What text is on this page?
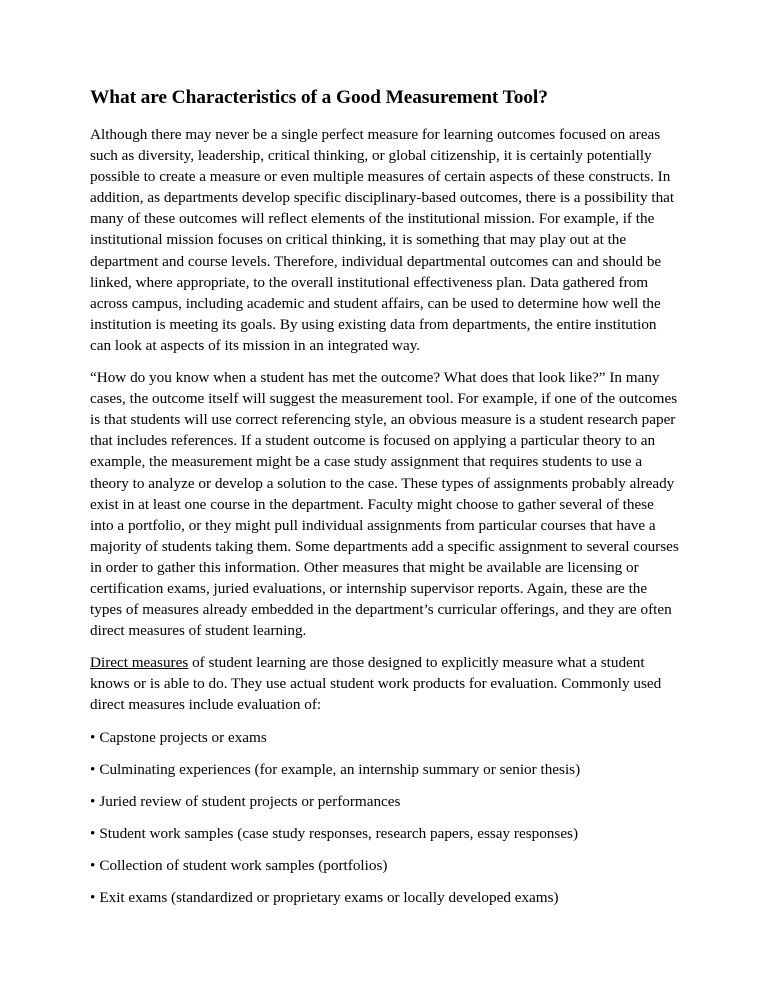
What are Characteristics of a Good Measurement Tool?

Although there may never be a single perfect measure for learning outcomes focused on areas such as diversity, leadership, critical thinking, or global citizenship, it is certainly potentially possible to create a measure or even multiple measures of certain aspects of these constructs. In addition, as departments develop specific disciplinary-based outcomes, there is a possibility that many of these outcomes will reflect elements of the institutional mission. For example, if the institutional mission focuses on critical thinking, it is something that may play out at the department and course levels. Therefore, individual departmental outcomes can and should be linked, where appropriate, to the overall institutional effectiveness plan. Data gathered from across campus, including academic and student affairs, can be used to determine how well the institution is meeting its goals. By using existing data from departments, the entire institution can look at aspects of its mission in an integrated way.

“How do you know when a student has met the outcome? What does that look like?” In many cases, the outcome itself will suggest the measurement tool. For example, if one of the outcomes is that students will use correct referencing style, an obvious measure is a student research paper that includes references. If a student outcome is focused on applying a particular theory to an example, the measurement might be a case study assignment that requires students to use a theory to analyze or develop a solution to the case. These types of assignments probably already exist in at least one course in the department. Faculty might choose to gather several of these into a portfolio, or they might pull individual assignments from particular courses that have a majority of students taking them. Some departments add a specific assignment to several courses in order to gather this information. Other measures that might be available are licensing or certification exams, juried evaluations, or internship supervisor reports. Again, these are the types of measures already embedded in the department’s curricular offerings, and they are often direct measures of student learning.

Direct measures of student learning are those designed to explicitly measure what a student knows or is able to do. They use actual student work products for evaluation. Commonly used direct measures include evaluation of:

• Capstone projects or exams
• Culminating experiences (for example, an internship summary or senior thesis)
• Juried review of student projects or performances
• Student work samples (case study responses, research papers, essay responses)
• Collection of student work samples (portfolios)
• Exit exams (standardized or proprietary exams or locally developed exams)
